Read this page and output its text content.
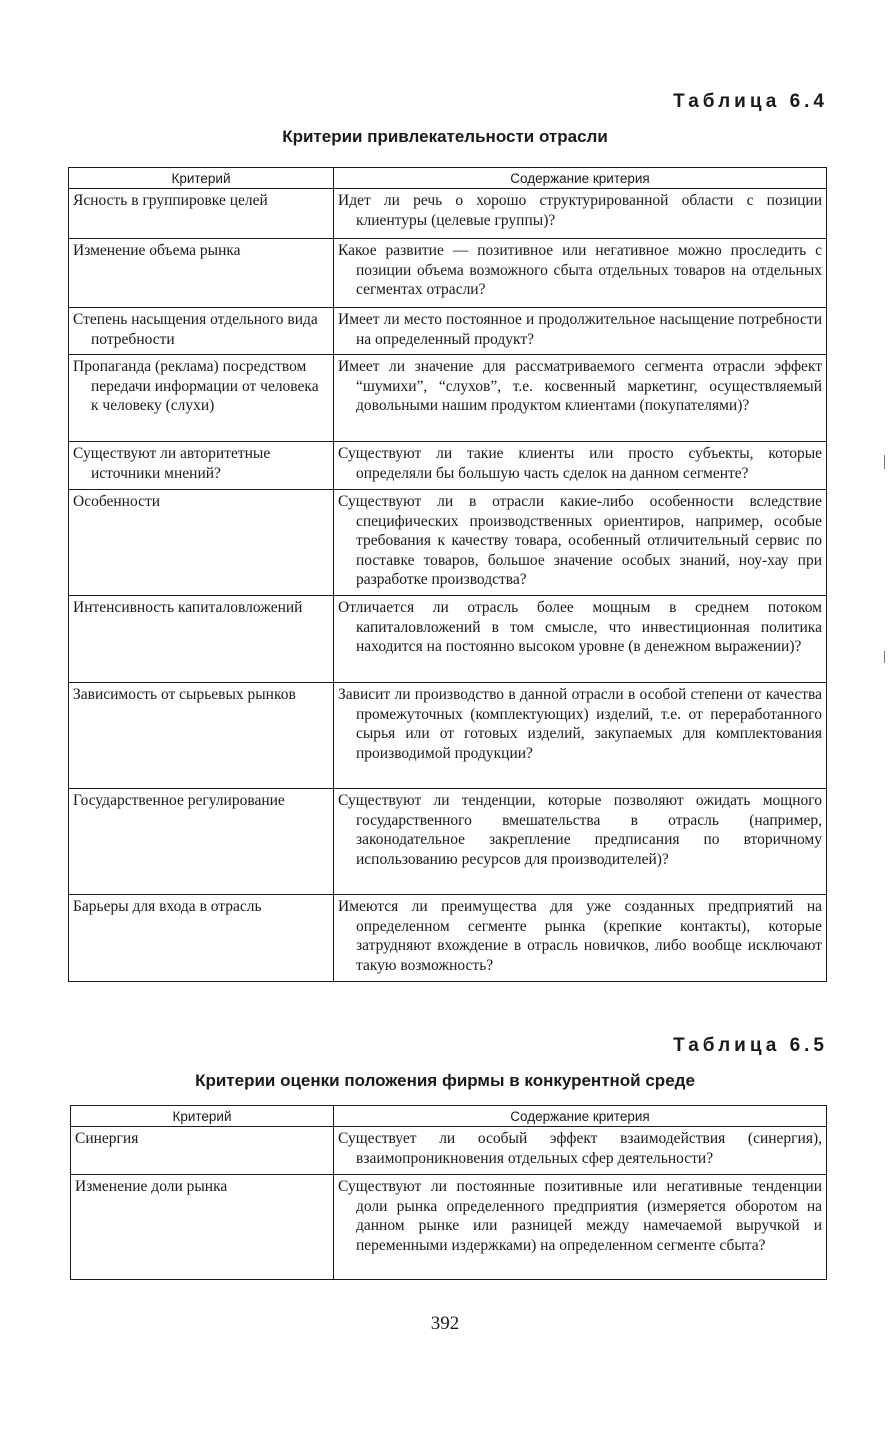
Таблица 6.4
Критерии привлекательности отрасли
Критерий	Содержание критерия
Ясность в группировке целей	Идет ли речь о хорошо структурированной области с позиции клиентуры (целевые группы)?
Изменение объема рынка	Какое развитие — позитивное или негативное можно проследить с позиции объема возможного сбыта отдельных товаров на отдельных сегментах отрасли?
Степень насыщения отдельного вида потребности	Имеет ли место постоянное и продолжительное насыщение потребности на определенный продукт?
Пропаганда (реклама) посредством передачи информации от человека к человеку (слухи)	Имеет ли значение для рассматриваемого сегмента отрасли эффект “шумихи”, “слухов”, т.е. косвенный маркетинг, осуществляемый довольными нашим продуктом клиентами (покупателями)?
Существуют ли авторитетные источники мнений?	Существуют ли такие клиенты или просто субъекты, которые определяли бы большую часть сделок на данном сегменте?
Особенности	Существуют ли в отрасли какие-либо особенности вследствие специфических производственных ориентиров, например, особые требования к качеству товара, особенный отличительный сервис по поставке товаров, большое значение особых знаний, ноу-хау при разработке производства?
Интенсивность капиталовложений	Отличается ли отрасль более мощным в среднем потоком капиталовложений в том смысле, что инвестиционная политика находится на постоянно высоком уровне (в денежном выражении)?
Зависимость от сырьевых рынков	Зависит ли производство в данной отрасли в особой степени от качества промежуточных (комплектующих) изделий, т.е. от переработанного сырья или от готовых изделий, закупаемых для комплектования производимой продукции?
Государственное регулирование	Существуют ли тенденции, которые позволяют ожидать мощного государственного вмешательства в отрасль (например, законодательное закрепление предписания по вторичному использованию ресурсов для производителей)?
Барьеры для входа в отрасль	Имеются ли преимущества для уже созданных предприятий на определенном сегменте рынка (крепкие контакты), которые затрудняют вхождение в отрасль новичков, либо вообще исключают такую возможность?
Таблица 6.5
Критерии оценки положения фирмы в конкурентной среде
Критерий	Содержание критерия
Синергия	Существует ли особый эффект взаимодействия (синергия), взаимопроникновения отдельных сфер деятельности?
Изменение доли рынка	Существуют ли постоянные позитивные или негативные тенденции доли рынка определенного предприятия (измеряется оборотом на данном рынке или разницей между намечаемой выручкой и переменными издержками) на определенном сегменте сбыта?
392
